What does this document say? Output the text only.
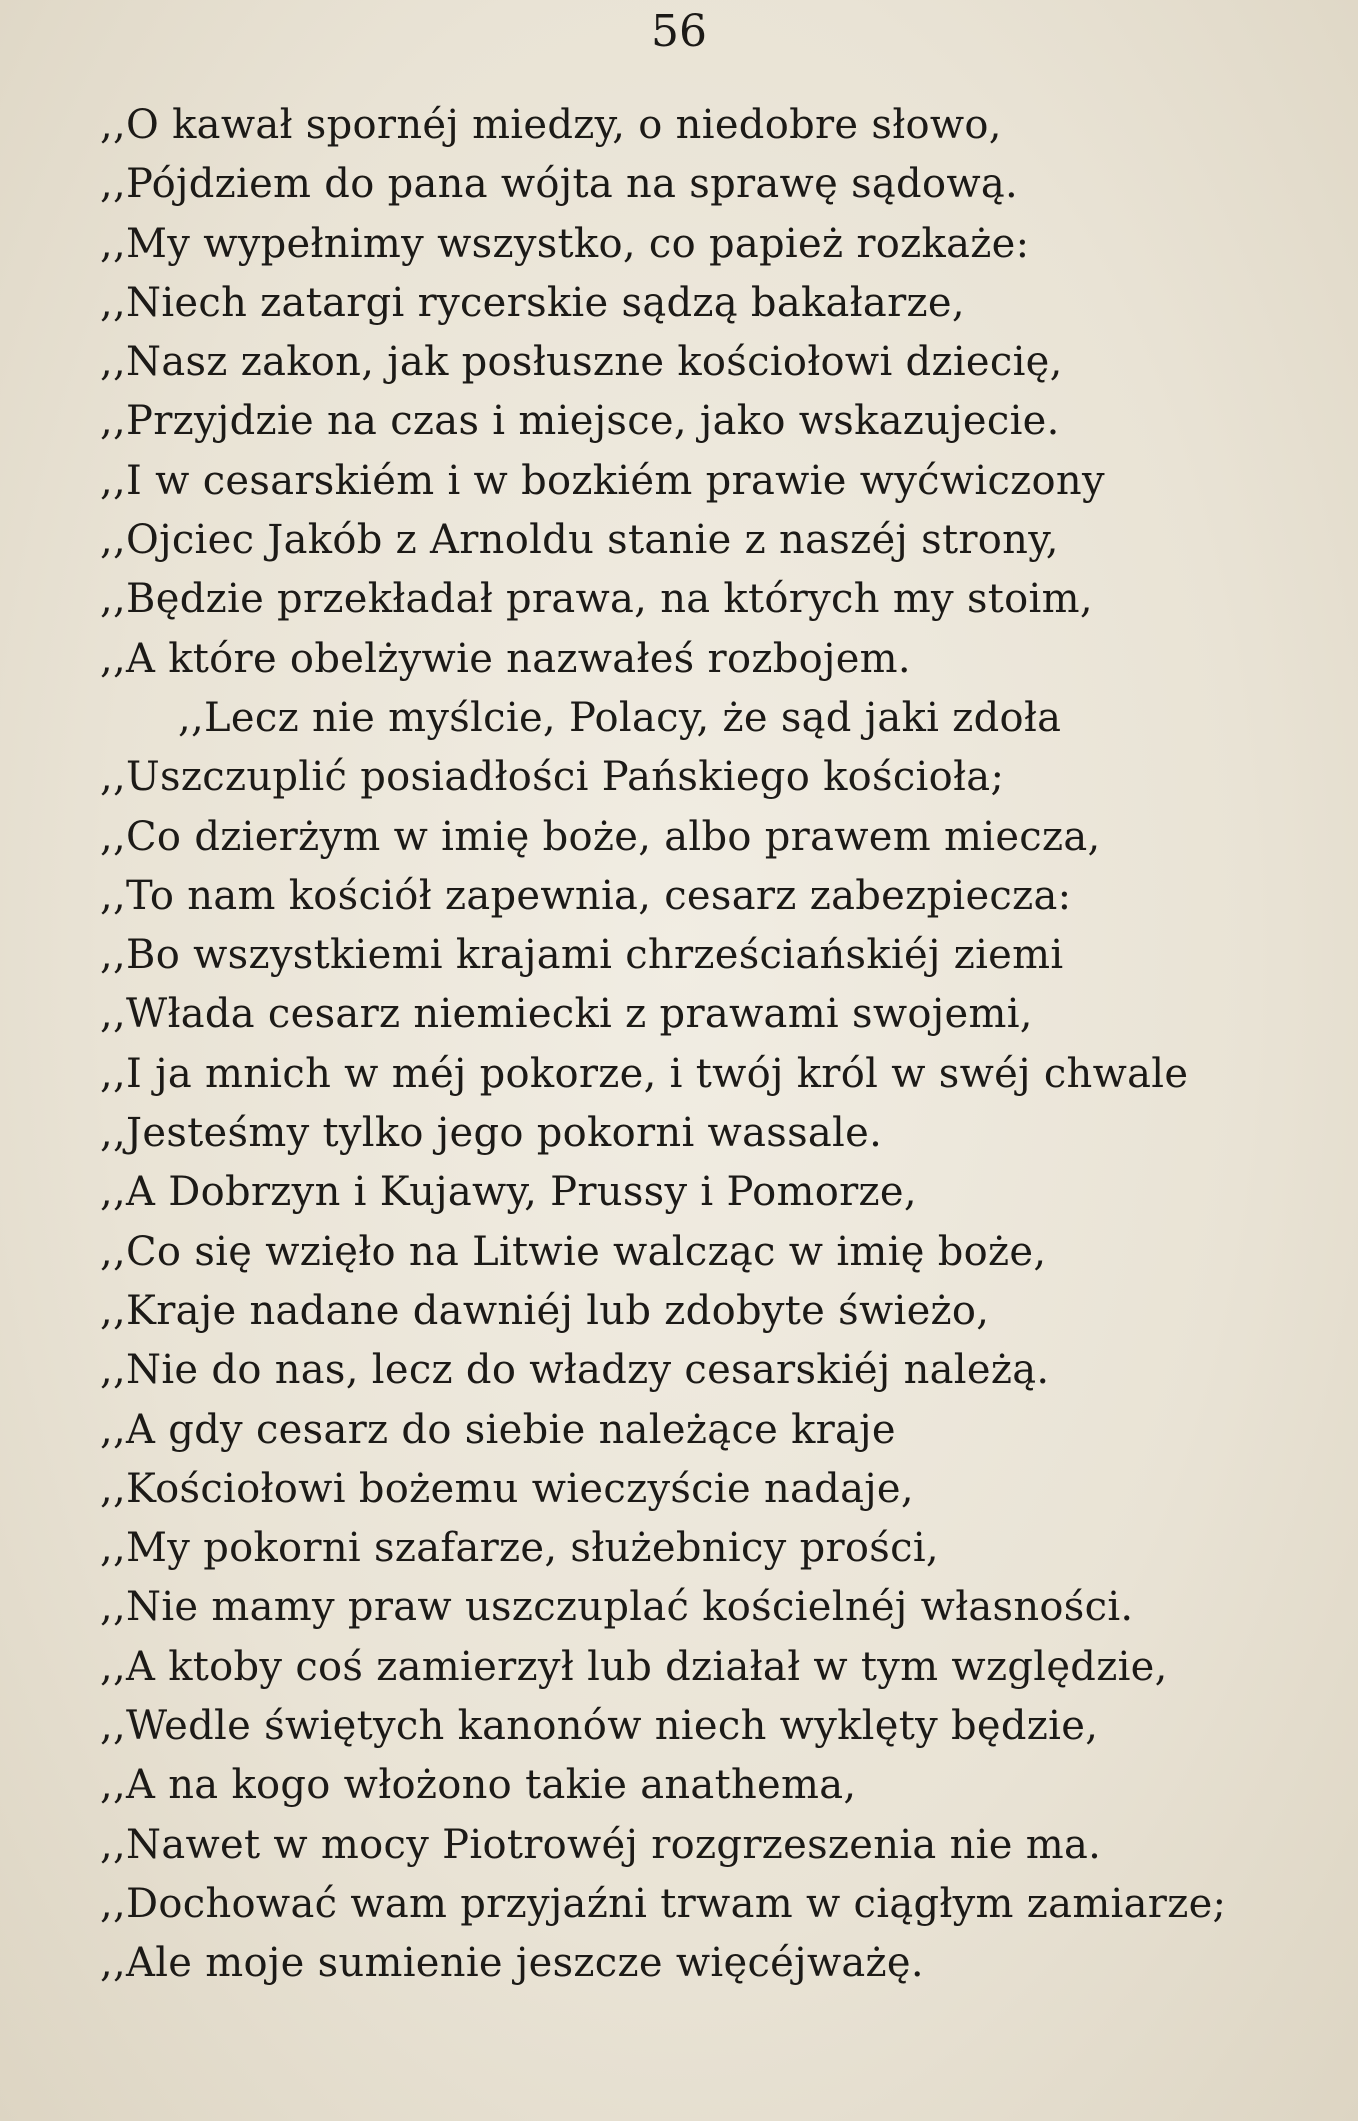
56
,,O kawał spornéj miedzy, o niedobre słowo,
,,Pójdziem do pana wójta na sprawę sądową.
,,My wypełnimy wszystko, co papież rozkaże:
,,Niech zatargi rycerskie sądzą bakałarze,
,,Nasz zakon, jak posłuszne kościołowi dziecię,
,,Przyjdzie na czas i miejsce, jako wskazujecie.
,,I w cesarskiém i w bozkiém prawie wyćwiczony
,,Ojciec Jakób z Arnoldu stanie z naszéj strony,
,,Będzie przekładał prawa, na których my stoim,
,,A które obelżywie nazwałeś rozbojem.
,,Lecz nie myślcie, Polacy, że sąd jaki zdoła
,,Uszczuplić posiadłości Pańskiego kościoła;
,,Co dzierżym w imię boże, albo prawem miecza,
,,To nam kościół zapewnia, cesarz zabezpiecza:
,,Bo wszystkiemi krajami chrześciańskiéj ziemi
,,Włada cesarz niemiecki z prawami swojemi,
,,I ja mnich w méj pokorze, i twój król w swéj chwale
,,Jesteśmy tylko jego pokorni wassale.
,,A Dobrzyn i Kujawy, Prussy i Pomorze,
,,Co się wzięło na Litwie walcząc w imię boże,
,,Kraje nadane dawniéj lub zdobyte świeżo,
,,Nie do nas, lecz do władzy cesarskiéj należą.
,,A gdy cesarz do siebie należące kraje
,,Kościołowi bożemu wieczyście nadaje,
,,My pokorni szafarze, służebnicy prości,
,,Nie mamy praw uszczuplać kościelnéj własności.
,,A ktoby coś zamierzył lub działał w tym względzie,
,,Wedle świętych kanonów niech wyklęty będzie,
,,A na kogo włożono takie anathema,
,,Nawet w mocy Piotrowéj rozgrzeszenia nie ma.
,,Dochować wam przyjaźni trwam w ciągłym zamiarze;
,,Ale moje sumienie jeszcze więcéjważę.
